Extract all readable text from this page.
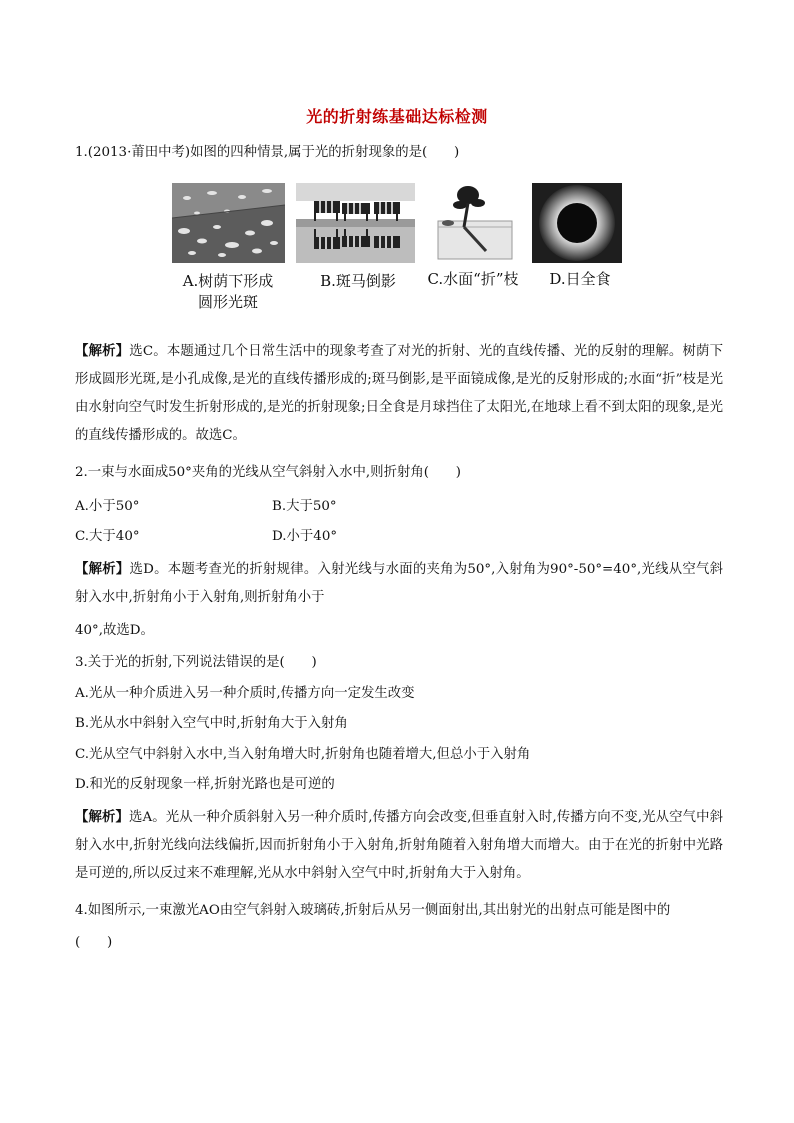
光的折射练基础达标检测
1.(2013·莆田中考)如图的四种情景,属于光的折射现象的是(　　)
A.树荫下形成
圆形光斑
B.斑马倒影	C.水面“折”枝	D.日全食
【解析】选C。本题通过几个日常生活中的现象考查了对光的折射、光的直线传播、光的反射的理解。树荫下形成圆形光斑,是小孔成像,是光的直线传播形成的;斑马倒影,是平面镜成像,是光的反射形成的;水面“折”枝是光由水射向空气时发生折射形成的,是光的折射现象;日全食是月球挡住了太阳光,在地球上看不到太阳的现象,是光的直线传播形成的。故选C。
2.一束与水面成50°夹角的光线从空气斜射入水中,则折射角(　　)
A.小于50°	B.大于50°
C.大于40°	D.小于40°
【解析】选D。本题考查光的折射规律。入射光线与水面的夹角为50°,入射角为90°-50°=40°,光线从空气斜射入水中,折射角小于入射角,则折射角小于
40°,故选D。
3.关于光的折射,下列说法错误的是(　　)
A.光从一种介质进入另一种介质时,传播方向一定发生改变
B.光从水中斜射入空气中时,折射角大于入射角
C.光从空气中斜射入水中,当入射角增大时,折射角也随着增大,但总小于入射角
D.和光的反射现象一样,折射光路也是可逆的
【解析】选A。光从一种介质斜射入另一种介质时,传播方向会改变,但垂直射入时,传播方向不变,光从空气中斜射入水中,折射光线向法线偏折,因而折射角小于入射角,折射角随着入射角增大而增大。由于在光的折射中光路是可逆的,所以反过来不难理解,光从水中斜射入空气中时,折射角大于入射角。
4.如图所示,一束激光AO由空气斜射入玻璃砖,折射后从另一侧面射出,其出射光的出射点可能是图中的
(　　)
